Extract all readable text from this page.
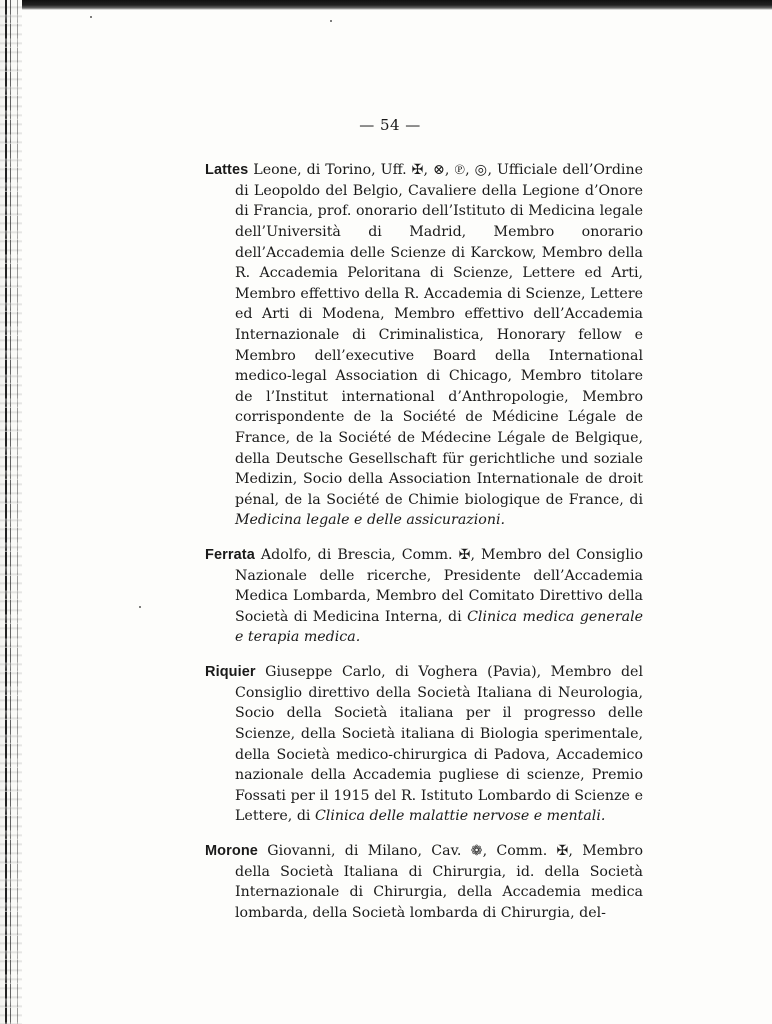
— 54 —

Lattes Leone, di Torino, Uff. ✠, ⊗, ℗, ◎, Ufficiale dell’Ordine di Leopoldo del Belgio, Cavaliere della Legione d’Onore di Francia, prof. onorario dell’Istituto di Medicina legale dell’Università di Madrid, Membro onorario dell’Accademia delle Scienze di Karckow, Membro della R. Accademia Peloritana di Scienze, Lettere ed Arti, Membro effettivo della R. Accademia di Scienze, Lettere ed Arti di Modena, Membro effettivo dell’Accademia Internazionale di Criminalistica, Honorary fellow e Membro dell’executive Board della International medico-legal Association di Chicago, Membro titolare de l’Institut international d’Anthropologie, Membro corrispondente de la Société de Médicine Légale de France, de la Société de Médecine Légale de Belgique, della Deutsche Gesellschaft für gerichtliche und soziale Medizin, Socio della Association Internationale de droit pénal, de la Société de Chimie biologique de France, di Medicina legale e delle assicurazioni.

Ferrata Adolfo, di Brescia, Comm. ✠, Membro del Consiglio Nazionale delle ricerche, Presidente dell’Accademia Medica Lombarda, Membro del Comitato Direttivo della Società di Medicina Interna, di Clinica medica generale e terapia medica.

Riquier Giuseppe Carlo, di Voghera (Pavia), Membro del Consiglio direttivo della Società Italiana di Neurologia, Socio della Società italiana per il progresso delle Scienze, della Società italiana di Biologia sperimentale, della Società medico-chirurgica di Padova, Accademico nazionale della Accademia pugliese di scienze, Premio Fossati per il 1915 del R. Istituto Lombardo di Scienze e Lettere, di Clinica delle malattie nervose e mentali.

Morone Giovanni, di Milano, Cav. ❁, Comm. ✠, Membro della Società Italiana di Chirurgia, id. della Società Internazionale di Chirurgia, della Accademia medica lombarda, della Società lombarda di Chirurgia, del-
